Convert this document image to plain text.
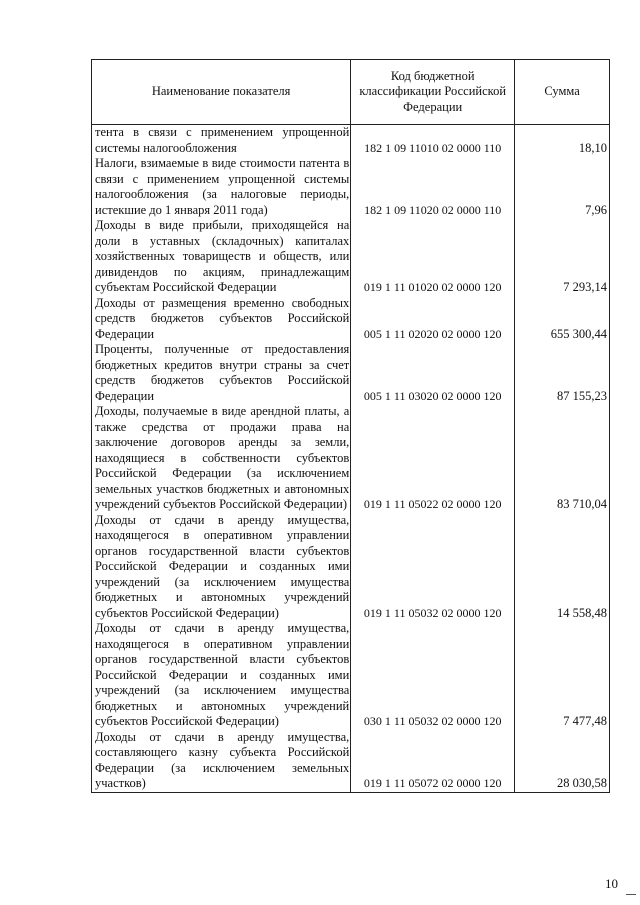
Наименование показателя	Код бюджетной классификации Российской Федерации	Сумма
тента в связи с применением упрощенной системы налогообложения	182 1 09 11010 02 0000 110	18,10
Налоги, взимаемые в виде стоимости патента в связи с применением упрощенной системы налогообложения (за налоговые периоды, истекшие до 1 января 2011 года)	182 1 09 11020 02 0000 110	7,96
Доходы в виде прибыли, приходящейся на доли в уставных (складочных) капиталах хозяйственных товариществ и обществ, или дивидендов по акциям, принадлежащим субъектам Российской Федерации	019 1 11 01020 02 0000 120	7 293,14
Доходы от размещения временно свободных средств бюджетов субъектов Российской Федерации	005 1 11 02020 02 0000 120	655 300,44
Проценты, полученные от предоставления бюджетных кредитов внутри страны за счет средств бюджетов субъектов Российской Федерации	005 1 11 03020 02 0000 120	87 155,23
Доходы, получаемые в виде арендной платы, а также средства от продажи права на заключение договоров аренды за земли, находящиеся в собственности субъектов Российской Федерации (за исключением земельных участков бюджетных и автономных учреждений субъектов Российской Федерации)	019 1 11 05022 02 0000 120	83 710,04
Доходы от сдачи в аренду имущества, находящегося в оперативном управлении органов государственной власти субъектов Российской Федерации и созданных ими учреждений (за исключением имущества бюджетных и автономных учреждений субъектов Российской Федерации)	019 1 11 05032 02 0000 120	14 558,48
Доходы от сдачи в аренду имущества, находящегося в оперативном управлении органов государственной власти субъектов Российской Федерации и созданных ими учреждений (за исключением имущества бюджетных и автономных учреждений субъектов Российской Федерации)	030 1 11 05032 02 0000 120	7 477,48
Доходы от сдачи в аренду имущества, составляющего казну субъекта Российской Федерации (за исключением земельных участков)	019 1 11 05072 02 0000 120	28 030,58
10
